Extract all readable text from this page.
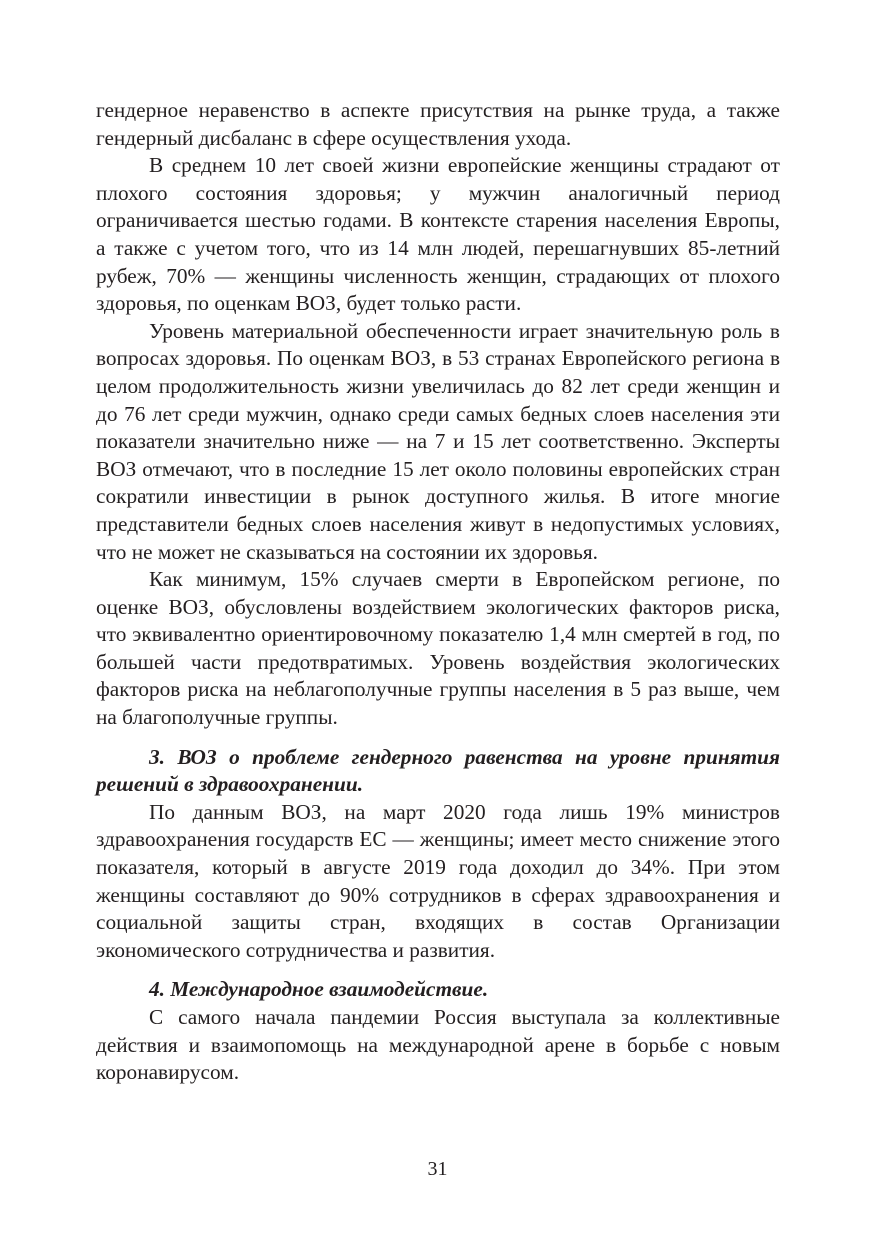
гендерное неравенство в аспекте присутствия на рынке труда, а также гендерный дисбаланс в сфере осуществления ухода.

В среднем 10 лет своей жизни европейские женщины страдают от плохого состояния здоровья; у мужчин аналогичный период ограничивается шестью годами. В контексте старения населения Европы, а также с учетом того, что из 14 млн людей, перешагнувших 85-летний рубеж, 70% — женщины численность женщин, страдающих от плохого здоровья, по оценкам ВОЗ, будет только расти.

Уровень материальной обеспеченности играет значительную роль в вопросах здоровья. По оценкам ВОЗ, в 53 странах Европейского региона в целом продолжительность жизни увеличилась до 82 лет среди женщин и до 76 лет среди мужчин, однако среди самых бедных слоев населения эти показатели значительно ниже — на 7 и 15 лет соответственно. Эксперты ВОЗ отмечают, что в последние 15 лет около половины европейских стран сократили инвестиции в рынок доступного жилья. В итоге многие представители бедных слоев населения живут в недопустимых условиях, что не может не сказываться на состоянии их здоровья.

Как минимум, 15% случаев смерти в Европейском регионе, по оценке ВОЗ, обусловлены воздействием экологических факторов риска, что эквивалентно ориентировочному показателю 1,4 млн смертей в год, по большей части предотвратимых. Уровень воздействия экологических факторов риска на неблагополучные группы населения в 5 раз выше, чем на благополучные группы.

3. ВОЗ о проблеме гендерного равенства на уровне принятия решений в здравоохранении.

По данным ВОЗ, на март 2020 года лишь 19% министров здравоохранения государств ЕС — женщины; имеет место снижение этого показателя, который в августе 2019 года доходил до 34%. При этом женщины составляют до 90% сотрудников в сферах здравоохранения и социальной защиты стран, входящих в состав Организации экономического сотрудничества и развития.

4. Международное взаимодействие.

С самого начала пандемии Россия выступала за коллективные действия и взаимопомощь на международной арене в борьбе с новым коронавирусом.

31
